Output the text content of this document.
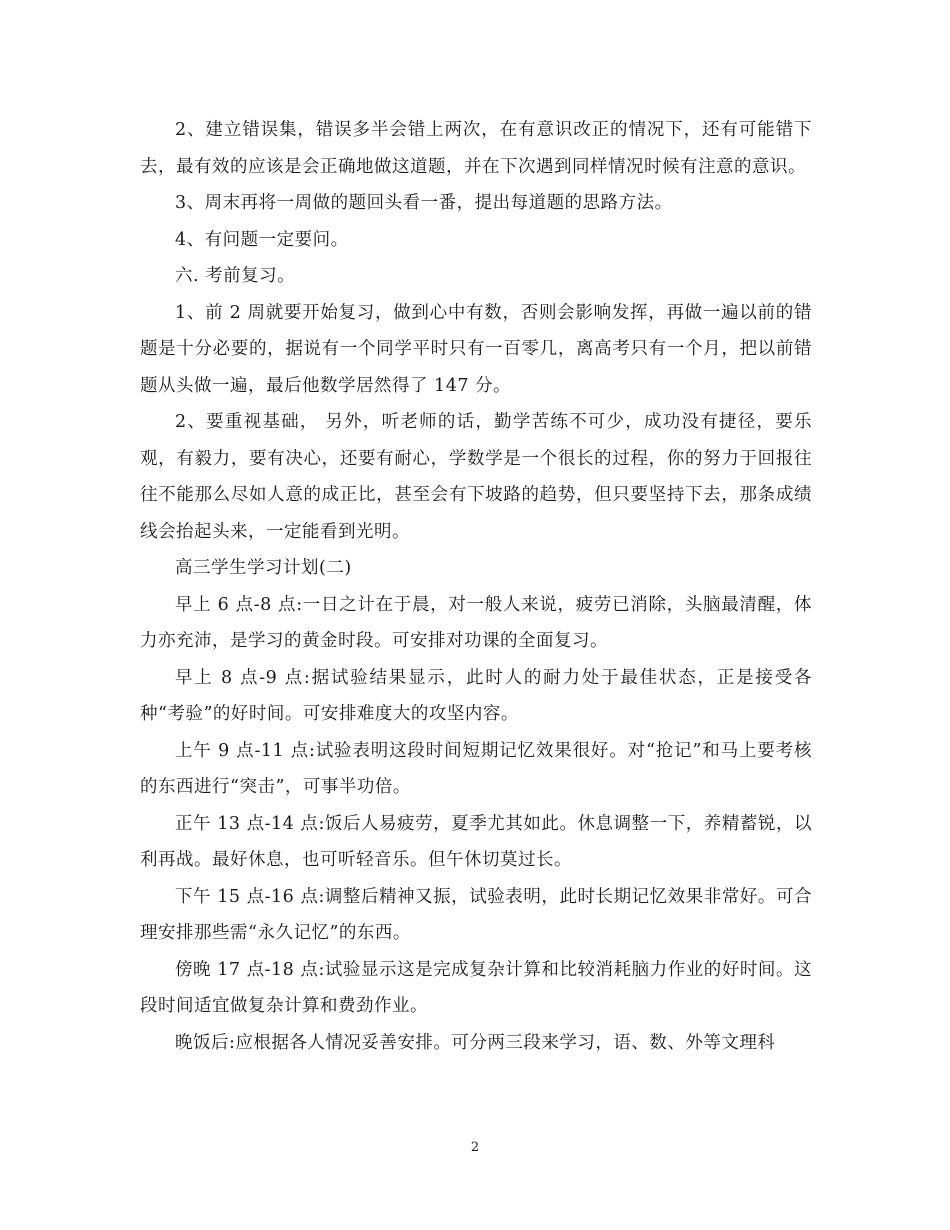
2、建立错误集，错误多半会错上两次，在有意识改正的情况下，还有可能错下去，最有效的应该是会正确地做这道题，并在下次遇到同样情况时候有注意的意识。

3、周末再将一周做的题回头看一番，提出每道题的思路方法。

4、有问题一定要问。

六. 考前复习。

1、前 2 周就要开始复习，做到心中有数，否则会影响发挥，再做一遍以前的错题是十分必要的，据说有一个同学平时只有一百零几，离高考只有一个月，把以前错题从头做一遍，最后他数学居然得了 147 分。

2、要重视基础， 另外，听老师的话，勤学苦练不可少，成功没有捷径，要乐观，有毅力，要有决心，还要有耐心，学数学是一个很长的过程，你的努力于回报往往不能那么尽如人意的成正比，甚至会有下坡路的趋势，但只要坚持下去，那条成绩线会抬起头来，一定能看到光明。

高三学生学习计划(二)

早上 6 点-8 点:一日之计在于晨，对一般人来说，疲劳已消除，头脑最清醒，体力亦充沛，是学习的黄金时段。可安排对功课的全面复习。

早上 8 点-9 点:据试验结果显示，此时人的耐力处于最佳状态，正是接受各种“考验”的好时间。可安排难度大的攻坚内容。

上午 9 点-11 点:试验表明这段时间短期记忆效果很好。对“抢记”和马上要考核的东西进行“突击”，可事半功倍。

正午 13 点-14 点:饭后人易疲劳，夏季尤其如此。休息调整一下，养精蓄锐，以利再战。最好休息，也可听轻音乐。但午休切莫过长。

下午 15 点-16 点:调整后精神又振，试验表明，此时长期记忆效果非常好。可合理安排那些需“永久记忆”的东西。

傍晚 17 点-18 点:试验显示这是完成复杂计算和比较消耗脑力作业的好时间。这段时间适宜做复杂计算和费劲作业。

晚饭后:应根据各人情况妥善安排。可分两三段来学习，语、数、外等文理科

2
